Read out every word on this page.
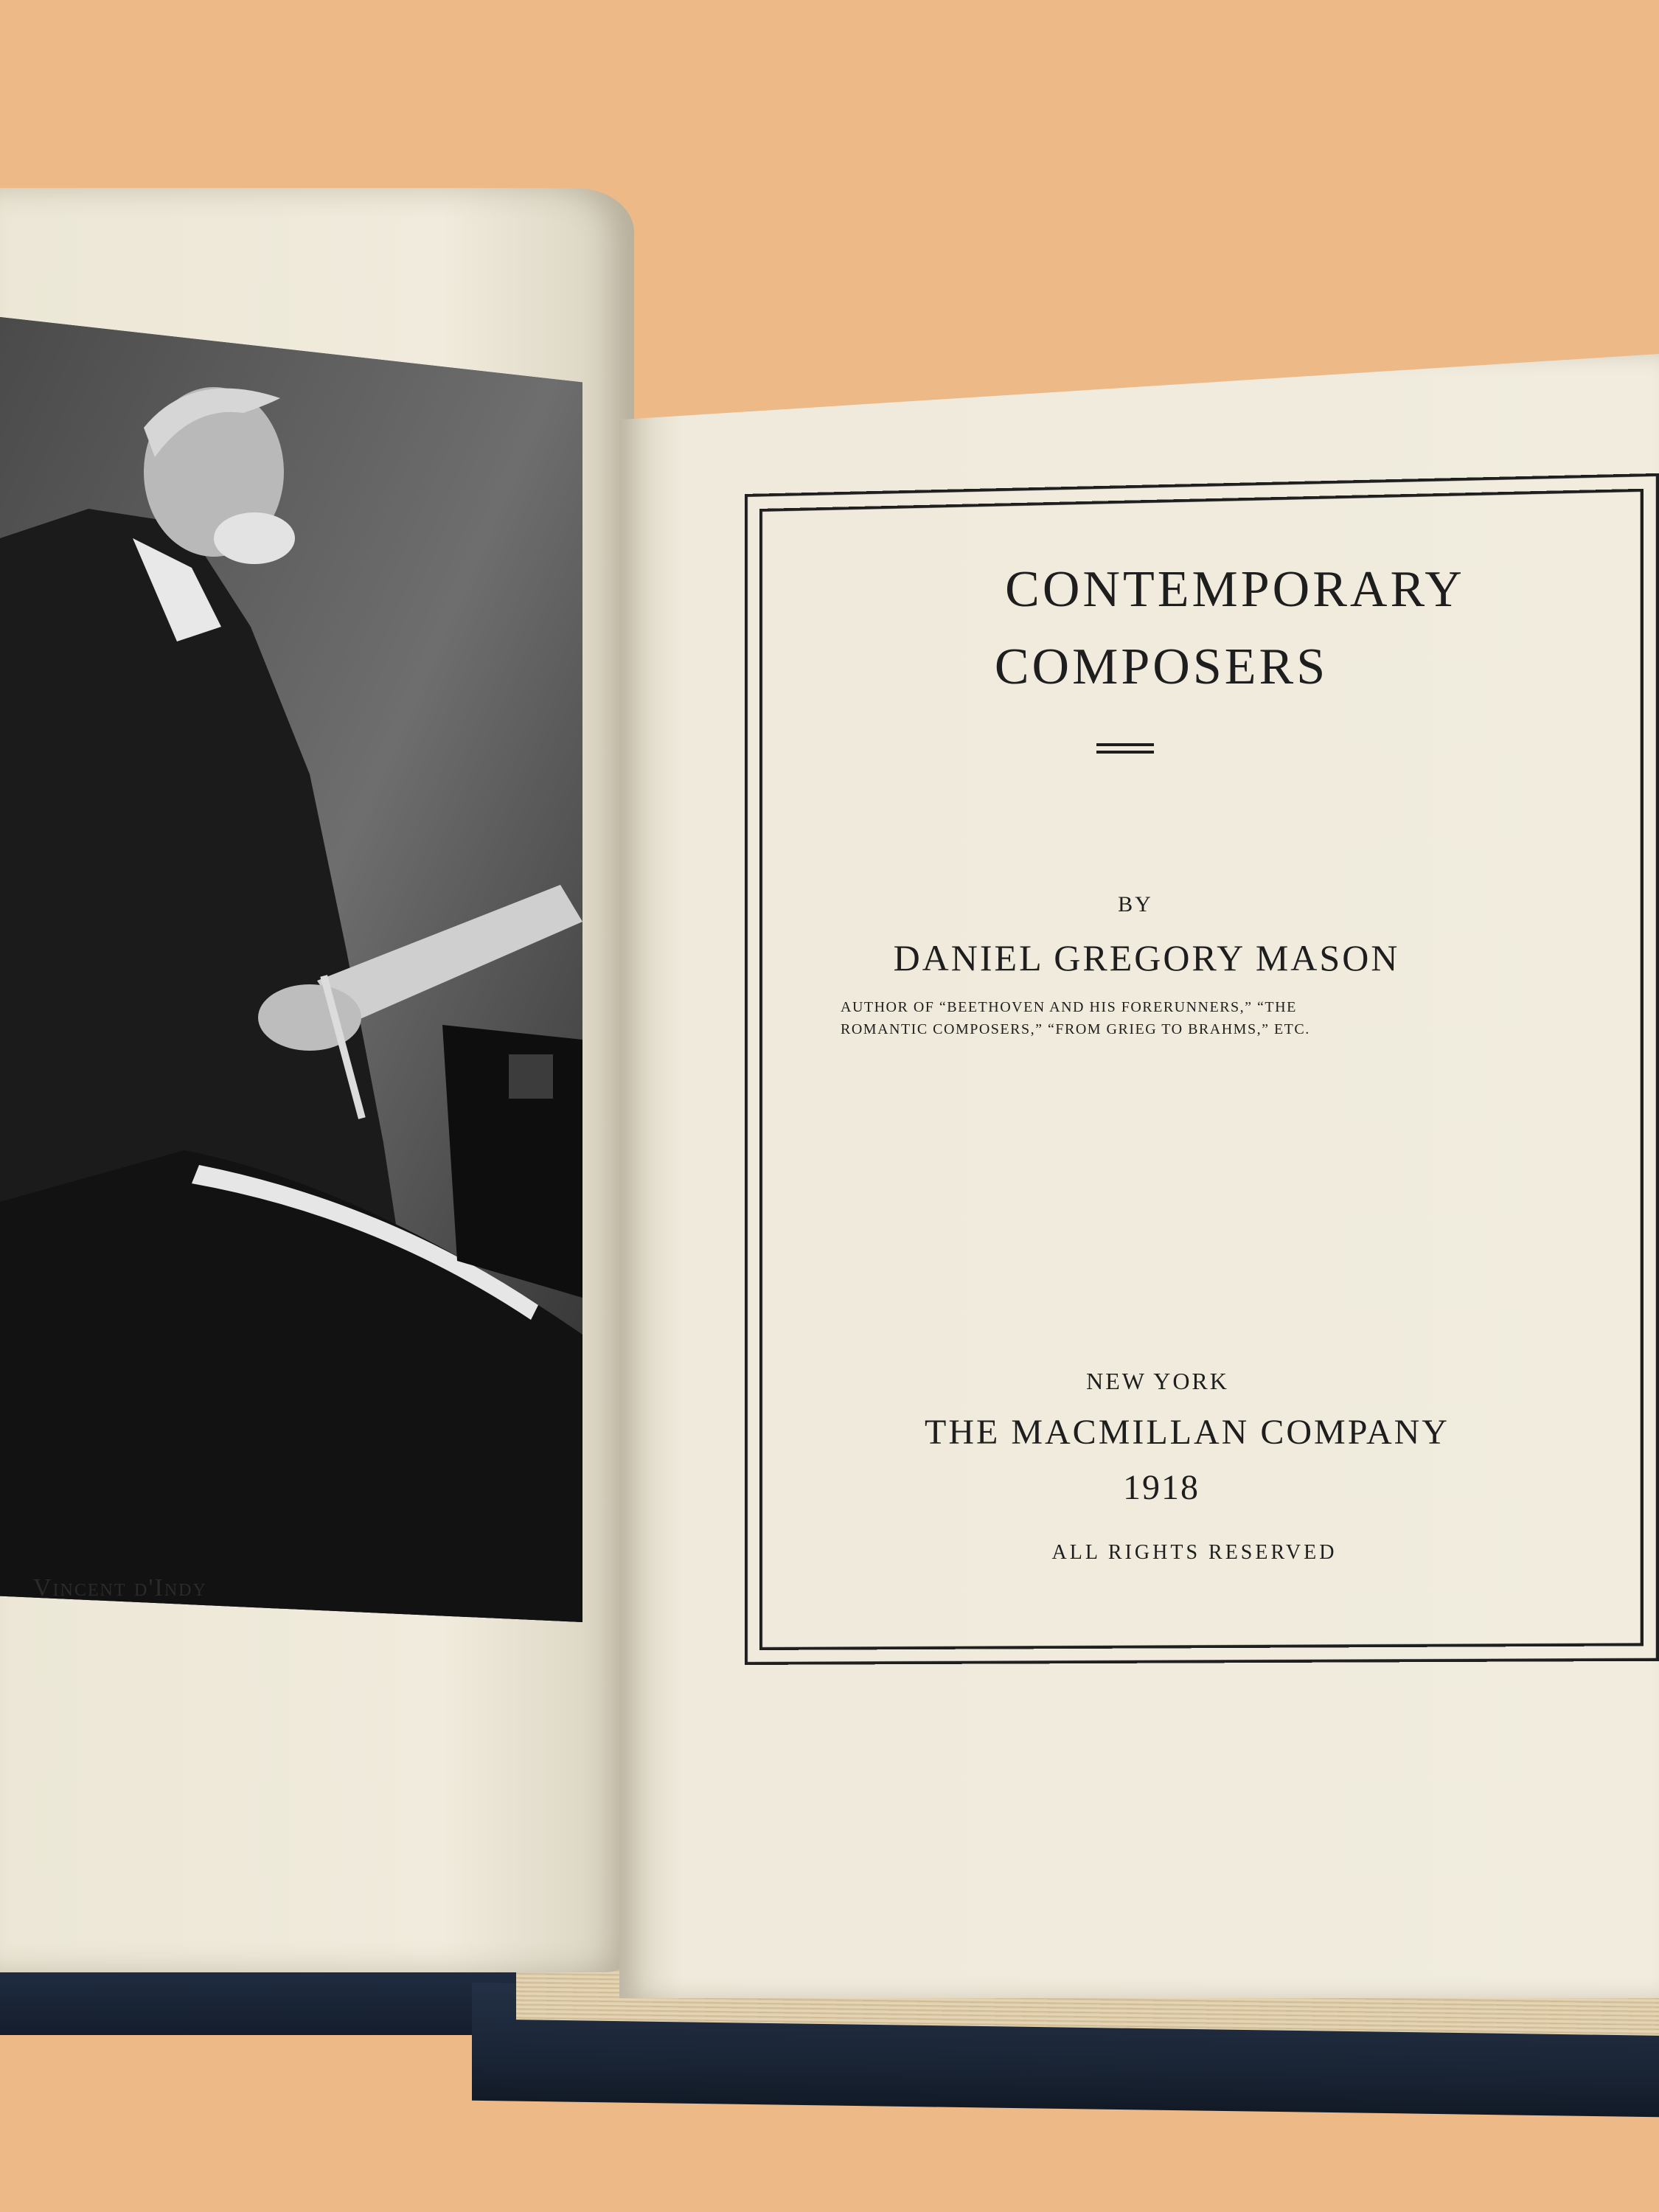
Vincent d'Indy
CONTEMPORARY
COMPOSERS
BY
DANIEL GREGORY MASON
AUTHOR OF “BEETHOVEN AND HIS FORERUNNERS,” “THE
ROMANTIC COMPOSERS,” “FROM GRIEG TO BRAHMS,” ETC.
NEW YORK
THE MACMILLAN COMPANY
1918
ALL RIGHTS RESERVED
